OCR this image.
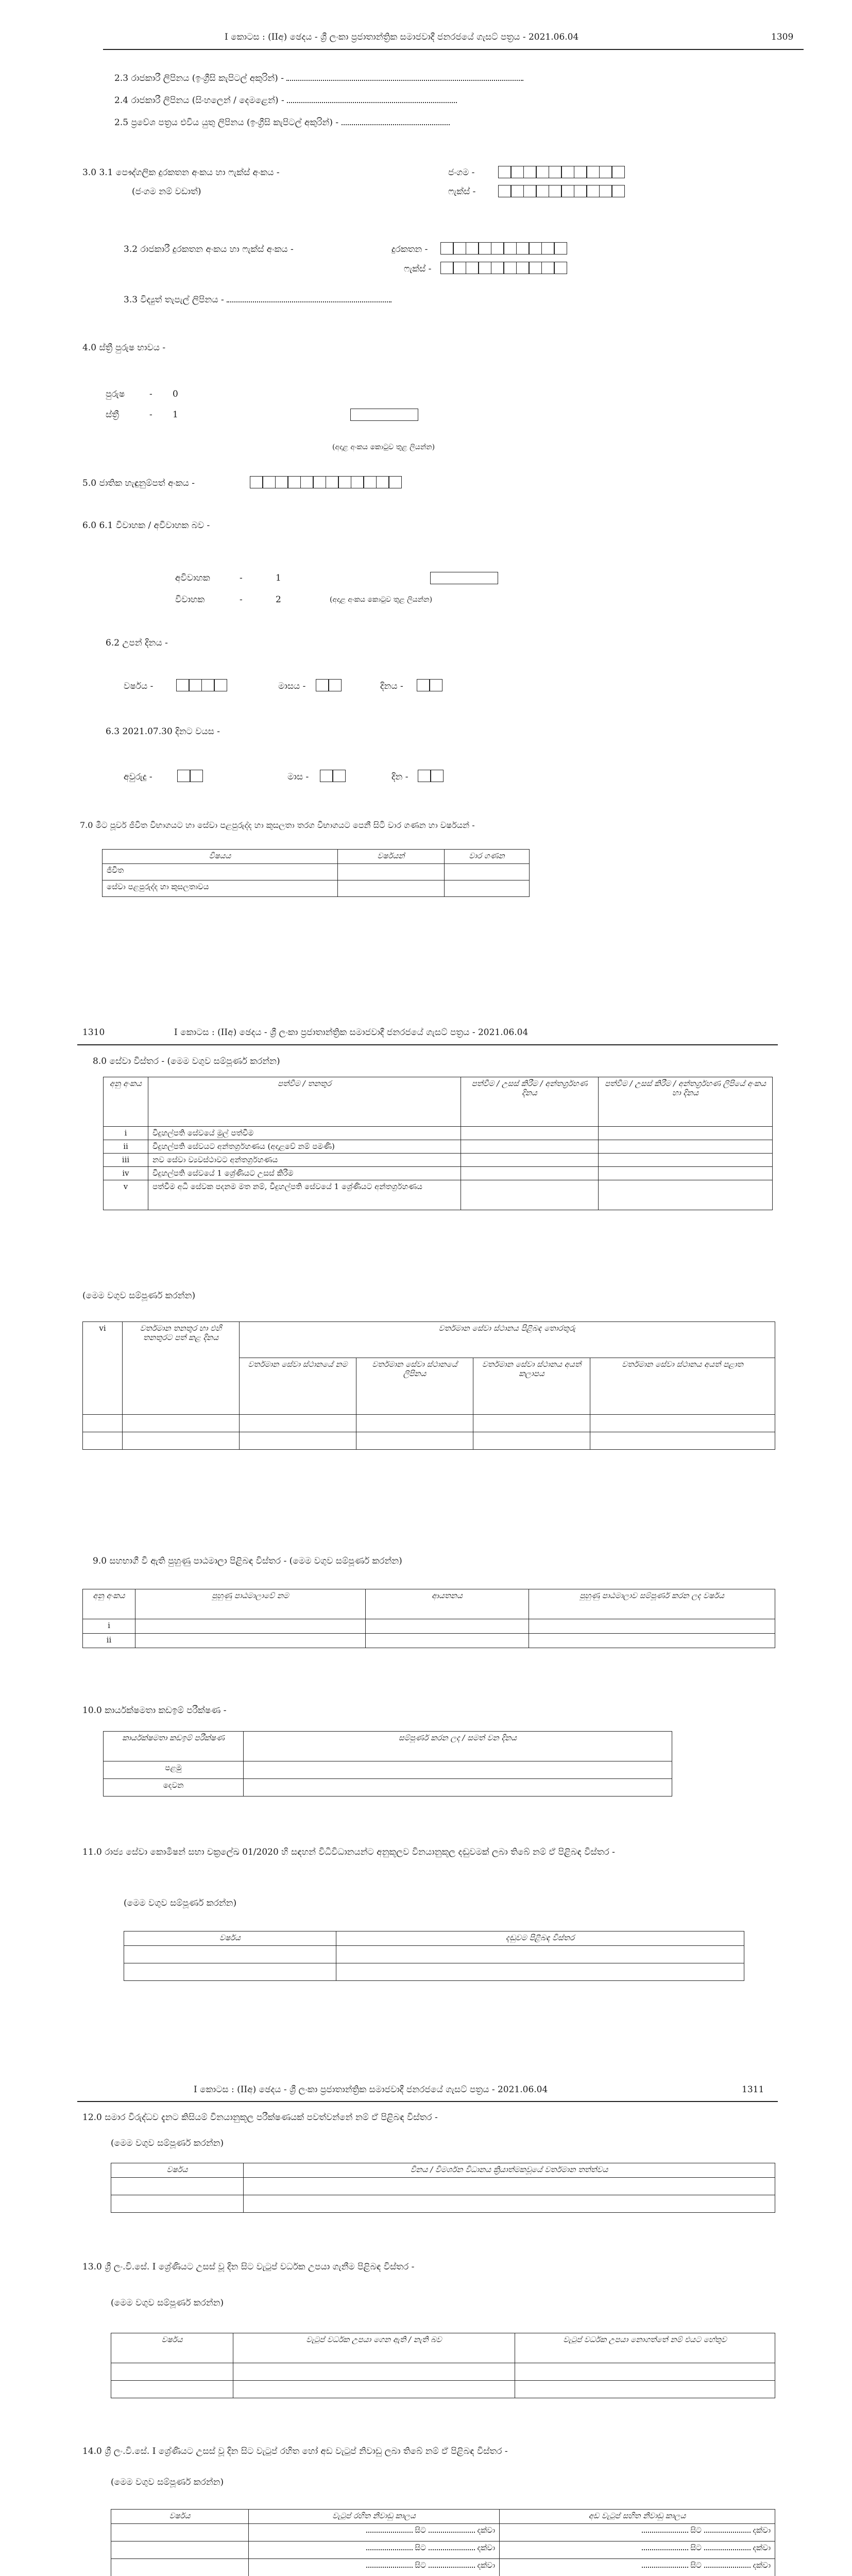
I කොටස : (IIඅ) ඡෙදය - ශ්‍රී ලංකා ප්‍රජාතාන්ත්‍රික සමාජවාදී ජනරජයේ ගැසට් පත්‍රය - 2021.06.04	1309
2.3 රාජකාරී ලිපිනය (ඉංග්‍රීසි කැපිටල් අකුරින්) -
2.4 රාජකාරී ලිපිනය (සිංහලෙන් / දෙමළෙන්) -
2.5 ප්‍රවේශ පත්‍රය එවිය යුතු ලිපිනය (ඉංග්‍රීසි කැපිටල් අකුරින්) -
3.0 3.1 පෞද්ගලික දුරකතන අංකය හා ෆැක්ස් අංකය -
(ජංගම නම් වඩාත්)
ජංගම -
ෆැක්ස් -
3.2 රාජකාරී දුරකතන අංකය හා ෆැක්ස් අංකය -	දුරකතන -
ෆැක්ස් -
3.3 විද්‍යුත් තැපැල් ලිපිනය -
4.0 ස්ත්‍රී පුරුෂ භාවය -
පුරුෂ	- 0
ස්ත්‍රී	- 1
(අදාළ අංකය කොටුව තුළ ලියන්න)
5.0 ජාතික හැඳුනුම්පත් අංකය -
6.0 6.1 විවාහක / අවිවාහක බව -
අවිවාහක	-	1
විවාහක	-	2	(අදාළ අංකය කොටුව තුළ ලියන්න)
6.2 උපන් දිනය -
වර්ෂය -	මාසය -	දිනය -
6.3 2021.07.30 දිනට වයස -
අවුරුදු -	මාස -	දින -
7.0 මීට පූර්ව ජීවිත විභාගයට හා සේවා පළපුරුද්ද හා කුසලතා තරග විභාගයට පෙනී සිටි වාර ගණන හා වර්ෂයන් -
විෂයය	වර්ෂයන්	වාර ගණන
ජීවිත		
සේවා පළපුරුද්ද හා කුසලතාවය		
1310	I කොටස : (IIඅ) ඡෙදය - ශ්‍රී ලංකා ප්‍රජාතාන්ත්‍රික සමාජවාදී ජනරජයේ ගැසට් පත්‍රය - 2021.06.04
8.0 සේවා විස්තර - (මෙම වගුව සම්පූර්ණ කරන්න)
අනු අංකය	පත්වීම / තනතුර	පත්වීම / උසස් කිරීම / අන්තර්ග්‍රහණ දිනය	පත්වීම / උසස් කිරීම / අන්තර්ග්‍රහණ ලිපියේ අංකය හා දිනය
i	විදුහල්පති සේවයේ මුල් පත්වීම		
ii	විදුහල්පති සේවයට අන්තර්ග්‍රහණය (අදාළවේ නම් පමණි)		
iii	නව සේවා ව්‍යවස්ථාවට අන්තර්ග්‍රහණය		
iv	විදුහල්පති සේවයේ 1 ශ්‍රේණියට උසස් කිරීම		
v	පත්වීම අධි සේවක පදනම මත නම්, විදුහල්පති සේවයේ 1 ශ්‍රේණියට අන්තර්ග්‍රහණය		
(මෙම වගුව සම්පූර්ණ කරන්න)
vi	වර්තමාන තනතුර හා එහි තනතුරට පත් කළ දිනය	වර්තමාන සේවා ස්ථානය පිළිබඳ තොරතුරු			
		වර්තමාන සේවා ස්ථානයේ නම	වර්තමාන සේවා ස්ථානයේ ලිපිනය	වර්තමාන සේවා ස්ථානය අයත් කලාපය	වර්තමාන සේවා ස්ථානය අයත් පළාත

9.0 සහභාගී වී ඇති පුහුණු පාඨමාලා පිළිබඳ විස්තර - (මෙම වගුව සම්පූර්ණ කරන්න)
අනු අංකය	පුහුණු පාඨමාලාවේ නම	ආයතනය	පුහුණු පාඨමාලාව සම්පූර්ණ කරන ලද වර්ෂය
i			
ii			
10.0 කාර්යක්ෂමතා කඩඉම් පරීක්ෂණ -
කාර්යක්ෂමතා කඩඉම් පරීක්ෂණ	සම්පූර්ණ කරන ලද / සමත් වන දිනය
පළමු	
දෙවන	
11.0 රාජ්‍ය සේවා කොමිෂන් සභා චක්‍රලේඛ 01/2020 හි සඳහන් විධිවිධානයන්ට අනුකූලව විනයානුකූල දඬුවමක් ලබා තිබේ නම් ඒ පිළිබඳ විස්තර -
(මෙම වගුව සම්පූර්ණ කරන්න)
වර්ෂය	දඬුවම පිළිබඳ විස්තර

I කොටස : (IIඅ) ඡෙදය - ශ්‍රී ලංකා ප්‍රජාතාන්ත්‍රික සමාජවාදී ජනරජයේ ගැසට් පත්‍රය - 2021.06.04	1311
12.0 සමාර විරුද්ධව දැනට කිසියම් විනයානුකූල පරීක්ෂණයක් පවත්වන්නේ නම් ඒ පිළිබඳ විස්තර -
(මෙම වගුව සම්පූර්ණ කරන්න)
වර්ෂය	විනය / විමර්ශන විධානය ක්‍රියාත්මකවූයේ වර්තමාන තත්ත්වය

13.0 ශ්‍රී ලං.වි.සේ. I ශ්‍රේණියට උසස් වූ දින සිට වැටුප් වර්ධක උපයා ගැනීම පිළිබඳ විස්තර -
(මෙම වගුව සම්පූර්ණ කරන්න)
වර්ෂය	වැටුප් වර්ධක උපයා ගෙන ඇති / නැති බව	වැටුප් වර්ධක උපයා නොගත්තේ නම් එයට හේතුව

14.0 ශ්‍රී ලං.වි.සේ. I ශ්‍රේණියට උසස් වූ දින සිට වැටුප් රහිත හෝ අඩ වැටුප් නිවාඩු ලබා තිබේ නම් ඒ පිළිබඳ විස්තර -
(මෙම වගුව සම්පූර්ණ කරන්න)
වර්ෂය	වැටුප් රහිත නිවාඩු කාලය	අඩ වැටුප් සහිත නිවාඩු කාලය
	සිට දක්වා	සිට දක්වා
	සිට දක්වා	සිට දක්වා
	සිට දක්වා	සිට දක්වා
